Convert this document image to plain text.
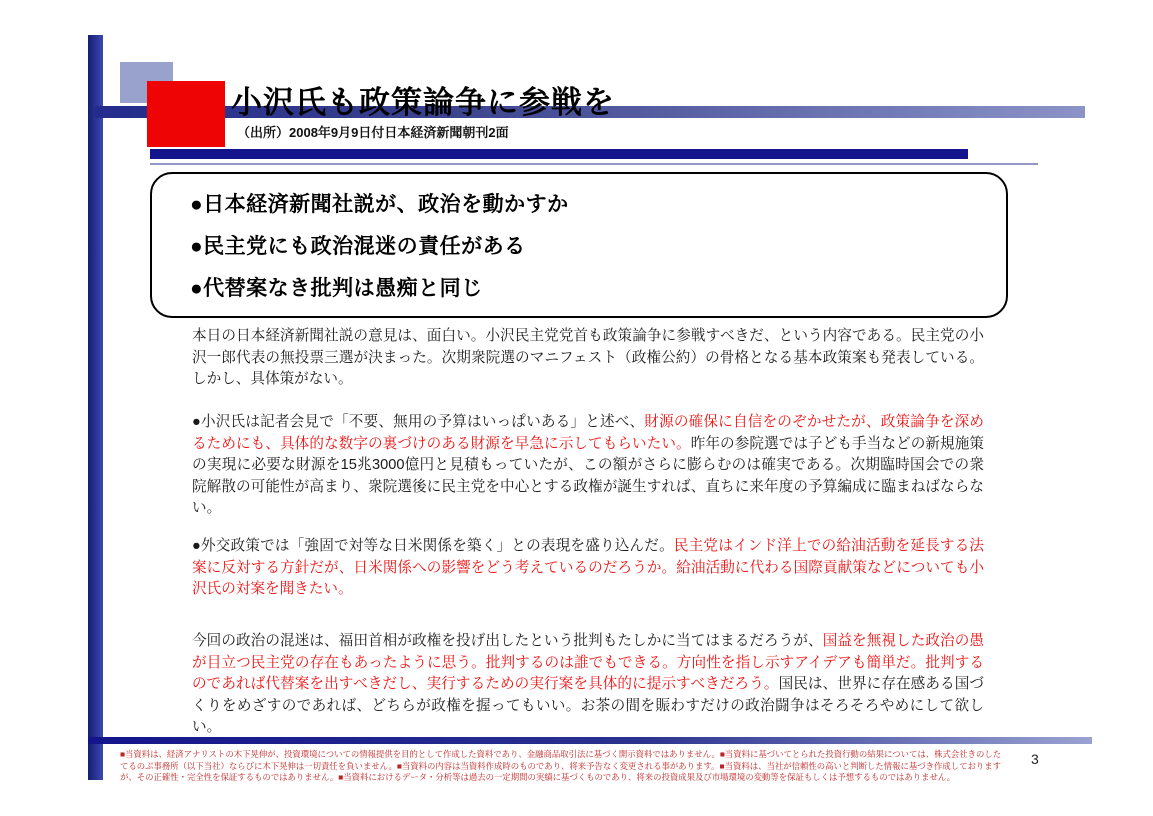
小沢氏も政策論争に参戦を
（出所）2008年9月9日付日本経済新聞朝刊2面
●日本経済新聞社説が、政治を動かすか
●民主党にも政治混迷の責任がある
●代替案なき批判は愚痴と同じ

本日の日本経済新聞社説の意見は、面白い。小沢民主党党首も政策論争に参戦すべきだ、という内容である。民主党の小沢一郎代表の無投票三選が決まった。次期衆院選のマニフェスト（政権公約）の骨格となる基本政策案も発表している。しかし、具体策がない。

●小沢氏は記者会見で「不要、無用の予算はいっぱいある」と述べ、財源の確保に自信をのぞかせたが、政策論争を深めるためにも、具体的な数字の裏づけのある財源を早急に示してもらいたい。昨年の参院選では子ども手当などの新規施策の実現に必要な財源を15兆3000億円と見積もっていたが、この額がさらに膨らむのは確実である。次期臨時国会での衆院解散の可能性が高まり、衆院選後に民主党を中心とする政権が誕生すれば、直ちに来年度の予算編成に臨まねばならない。

●外交政策では「強固で対等な日米関係を築く」との表現を盛り込んだ。民主党はインド洋上での給油活動を延長する法案に反対する方針だが、日米関係への影響をどう考えているのだろうか。給油活動に代わる国際貢献策などについても小沢氏の対案を聞きたい。

今回の政治の混迷は、福田首相が政権を投げ出したという批判もたしかに当てはまるだろうが、国益を無視した政治の愚が目立つ民主党の存在もあったように思う。批判するのは誰でもできる。方向性を指し示すアイデアも簡単だ。批判するのであれば代替案を出すべきだし、実行するための実行案を具体的に提示すべきだろう。国民は、世界に存在感ある国づくりをめざすのであれば、どちらが政権を握ってもいい。お茶の間を賑わすだけの政治闘争はそろそろやめにして欲しい。

■当資料は、経済アナリストの木下晃伸が、投資環境についての情報提供を目的として作成した資料であり、金融商品取引法に基づく開示資料ではありません。■当資料に基づいてとられた投資行動の結果については、株式会社きのした
てるのぶ事務所（以下当社）ならびに木下晃伸は一切責任を負いません。■当資料の内容は当資料作成時のものであり、将来予告なく変更される事があります。■当資料は、当社が信頼性の高いと判断した情報に基づき作成しております
が、その正確性・完全性を保証するものではありません。■当資料におけるデータ・分析等は過去の一定期間の実績に基づくものであり、将来の投資成果及び市場環境の変動等を保証もしくは予想するものではありません。
3
